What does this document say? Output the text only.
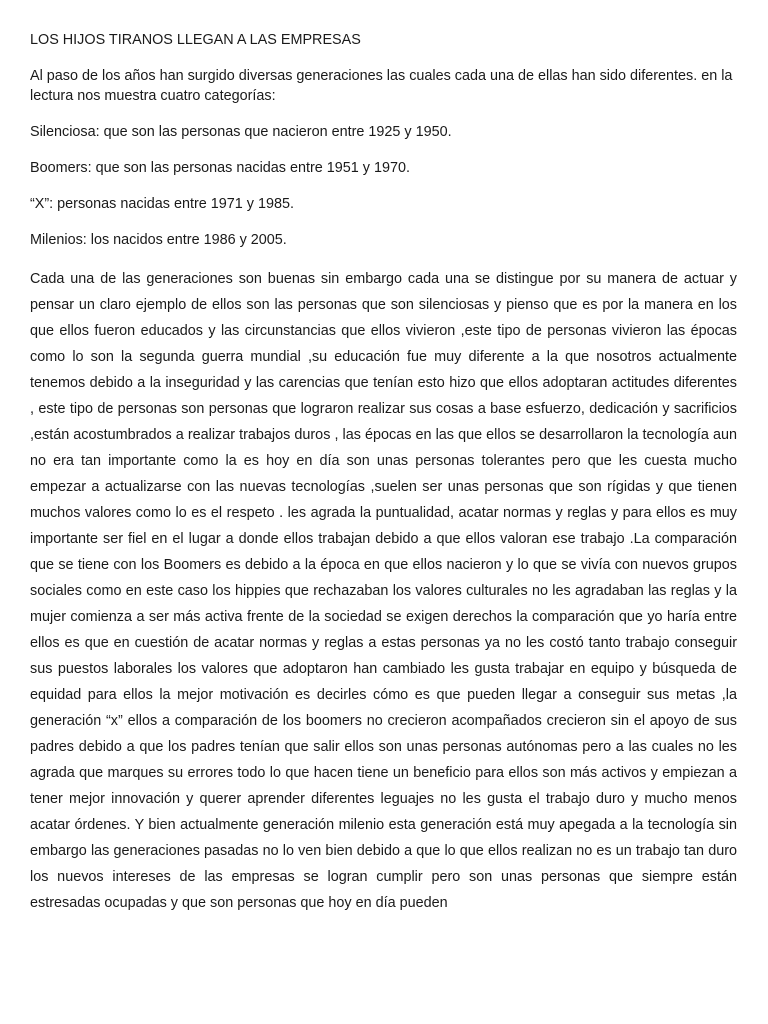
LOS HIJOS TIRANOS LLEGAN A LAS EMPRESAS

Al paso de los años han surgido diversas generaciones las cuales cada una de ellas han sido diferentes. en la lectura nos muestra cuatro categorías:

Silenciosa: que son las personas que nacieron entre 1925 y 1950.

Boomers: que son las personas nacidas entre 1951 y 1970.

“X”: personas nacidas entre 1971 y 1985.

Milenios: los nacidos entre 1986 y 2005.

Cada una de las generaciones son buenas sin embargo cada una se distingue por su manera de actuar y pensar un claro ejemplo de ellos son las personas que son silenciosas y pienso que es por la manera en los que ellos fueron educados y las circunstancias que ellos vivieron ,este tipo de personas vivieron las épocas como lo son la segunda guerra mundial ,su educación fue muy diferente a la que nosotros actualmente tenemos debido a la inseguridad y las carencias que tenían esto hizo que ellos adoptaran actitudes diferentes , este tipo de personas son personas que lograron realizar sus cosas a base esfuerzo, dedicación y sacrificios ,están acostumbrados a realizar trabajos duros , las épocas en las que ellos se desarrollaron la tecnología aun no era tan importante como la es hoy en día son unas personas tolerantes pero que les cuesta mucho empezar a actualizarse con las nuevas tecnologías ,suelen ser unas personas que son rígidas y que tienen muchos valores como lo es el respeto . les agrada la puntualidad, acatar normas y reglas y para ellos es muy importante ser fiel en el lugar a donde ellos trabajan debido a que ellos valoran ese trabajo .La comparación que se tiene con los Boomers es debido a la época en que ellos nacieron y lo que se vivía con nuevos grupos sociales como en este caso los hippies que rechazaban los valores culturales no les agradaban las reglas y la mujer comienza a ser más activa frente de la sociedad se exigen derechos la comparación que yo haría entre ellos es que en cuestión de acatar normas y reglas a estas personas ya no les costó tanto trabajo conseguir sus puestos laborales los valores que adoptaron han cambiado les gusta trabajar en equipo y búsqueda de equidad para ellos la mejor motivación es decirles cómo es que pueden llegar a conseguir sus metas ,la generación “x” ellos a comparación de los boomers no crecieron acompañados crecieron sin el apoyo de sus padres debido a que los padres tenían que salir ellos son unas personas autónomas pero a las cuales no les agrada que marques su errores todo lo que hacen tiene un beneficio para ellos son más activos y empiezan a tener mejor innovación y querer aprender diferentes leguajes no les gusta el trabajo duro y mucho menos acatar órdenes. Y bien actualmente generación milenio esta generación está muy apegada a la tecnología sin embargo las generaciones pasadas no lo ven bien debido a que lo que ellos realizan no es un trabajo tan duro los nuevos intereses de las empresas se logran cumplir pero son unas personas que siempre están estresadas ocupadas y que son personas que hoy en día pueden
